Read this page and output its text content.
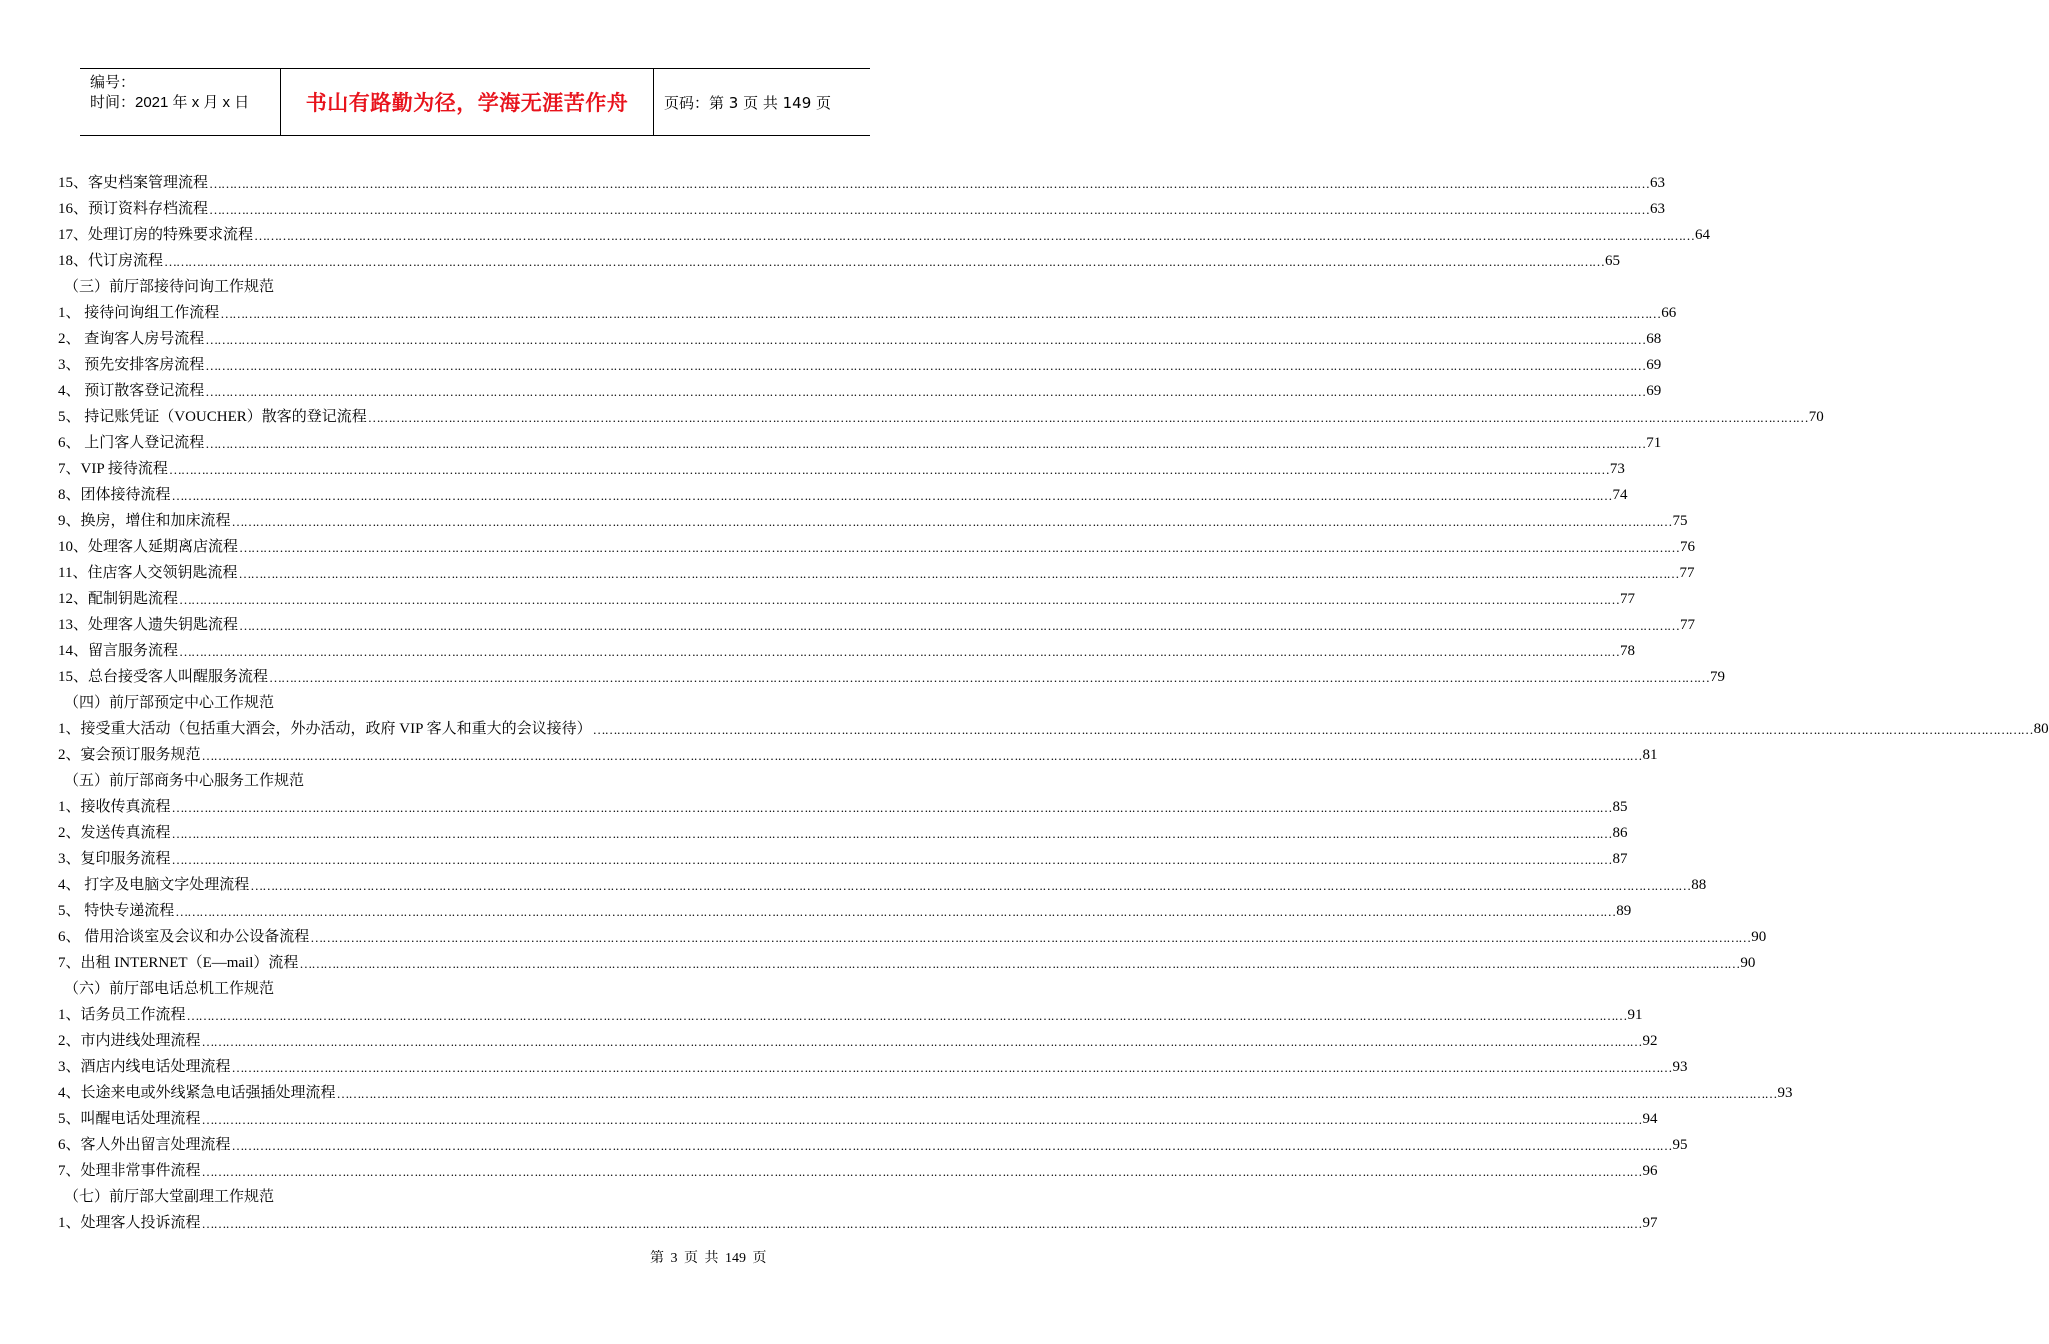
编号：
时间：2021 年 x 月 x 日	书山有路勤为径，学海无涯苦作舟	页码：第 3 页 共 149 页
15、客史档案管理流程 ……………………………………………………………………………………………………………………………………………………………………………………………………………………………………………………………………………………………………………………………… 63
16、预订资料存档流程 ……………………………………………………………………………………………………………………………………………………………………………………………………………………………………………………………………………………………………………………………… 63
17、处理订房的特殊要求流程 ……………………………………………………………………………………………………………………………………………………………………………………………………………………………………………………………………………………………………………………………… 64
18、代订房流程 ……………………………………………………………………………………………………………………………………………………………………………………………………………………………………………………………………………………………………………………………… 65
（三）前厅部接待问询工作规范
1、 接待问询组工作流程 ……………………………………………………………………………………………………………………………………………………………………………………………………………………………………………………………………………………………………………………………… 66
2、 查询客人房号流程 ……………………………………………………………………………………………………………………………………………………………………………………………………………………………………………………………………………………………………………………………… 68
3、 预先安排客房流程 ……………………………………………………………………………………………………………………………………………………………………………………………………………………………………………………………………………………………………………………………… 69
4、 预订散客登记流程 ……………………………………………………………………………………………………………………………………………………………………………………………………………………………………………………………………………………………………………………………… 69
5、 持记账凭证（VOUCHER）散客的登记流程 ……………………………………………………………………………………………………………………………………………………………………………………………………………………………………………………………………………………………………………………………… 70
6、 上门客人登记流程 ……………………………………………………………………………………………………………………………………………………………………………………………………………………………………………………………………………………………………………………………… 71
7、VIP 接待流程 ……………………………………………………………………………………………………………………………………………………………………………………………………………………………………………………………………………………………………………………………… 73
8、团体接待流程 ……………………………………………………………………………………………………………………………………………………………………………………………………………………………………………………………………………………………………………………………… 74
9、换房，增住和加床流程 ……………………………………………………………………………………………………………………………………………………………………………………………………………………………………………………………………………………………………………………………… 75
10、处理客人延期离店流程 ……………………………………………………………………………………………………………………………………………………………………………………………………………………………………………………………………………………………………………………………… 76
11、住店客人交领钥匙流程 ……………………………………………………………………………………………………………………………………………………………………………………………………………………………………………………………………………………………………………………………… 77
12、配制钥匙流程 ……………………………………………………………………………………………………………………………………………………………………………………………………………………………………………………………………………………………………………………………… 77
13、处理客人遗失钥匙流程 ……………………………………………………………………………………………………………………………………………………………………………………………………………………………………………………………………………………………………………………………… 77
14、留言服务流程 ……………………………………………………………………………………………………………………………………………………………………………………………………………………………………………………………………………………………………………………………… 78
15、总台接受客人叫醒服务流程 ……………………………………………………………………………………………………………………………………………………………………………………………………………………………………………………………………………………………………………………………… 79
（四）前厅部预定中心工作规范
1、接受重大活动（包括重大酒会，外办活动，政府 VIP 客人和重大的会议接待） ……………………………………………………………………………………………………………………………………………………………………………………………………………………………………………………………………………………………………………………………… 80
2、宴会预订服务规范 ……………………………………………………………………………………………………………………………………………………………………………………………………………………………………………………………………………………………………………………………… 81
（五）前厅部商务中心服务工作规范
1、接收传真流程 ……………………………………………………………………………………………………………………………………………………………………………………………………………………………………………………………………………………………………………………………… 85
2、发送传真流程 ……………………………………………………………………………………………………………………………………………………………………………………………………………………………………………………………………………………………………………………………… 86
3、复印服务流程 ……………………………………………………………………………………………………………………………………………………………………………………………………………………………………………………………………………………………………………………………… 87
4、 打字及电脑文字处理流程 ……………………………………………………………………………………………………………………………………………………………………………………………………………………………………………………………………………………………………………………………… 88
5、 特快专递流程 ……………………………………………………………………………………………………………………………………………………………………………………………………………………………………………………………………………………………………………………………… 89
6、 借用洽谈室及会议和办公设备流程 ……………………………………………………………………………………………………………………………………………………………………………………………………………………………………………………………………………………………………………………………… 90
7、出租 INTERNET（E—mail）流程 ……………………………………………………………………………………………………………………………………………………………………………………………………………………………………………………………………………………………………………………………… 90
（六）前厅部电话总机工作规范
1、话务员工作流程 ……………………………………………………………………………………………………………………………………………………………………………………………………………………………………………………………………………………………………………………………… 91
2、市内进线处理流程 ……………………………………………………………………………………………………………………………………………………………………………………………………………………………………………………………………………………………………………………………… 92
3、酒店内线电话处理流程 ……………………………………………………………………………………………………………………………………………………………………………………………………………………………………………………………………………………………………………………………… 93
4、长途来电或外线紧急电话强插处理流程 ……………………………………………………………………………………………………………………………………………………………………………………………………………………………………………………………………………………………………………………………… 93
5、叫醒电话处理流程 ……………………………………………………………………………………………………………………………………………………………………………………………………………………………………………………………………………………………………………………………… 94
6、客人外出留言处理流程 ……………………………………………………………………………………………………………………………………………………………………………………………………………………………………………………………………………………………………………………………… 95
7、处理非常事件流程 ……………………………………………………………………………………………………………………………………………………………………………………………………………………………………………………………………………………………………………………………… 96
（七）前厅部大堂副理工作规范
1、处理客人投诉流程 ……………………………………………………………………………………………………………………………………………………………………………………………………………………………………………………………………………………………………………………………… 97
第 3 页 共 149 页
